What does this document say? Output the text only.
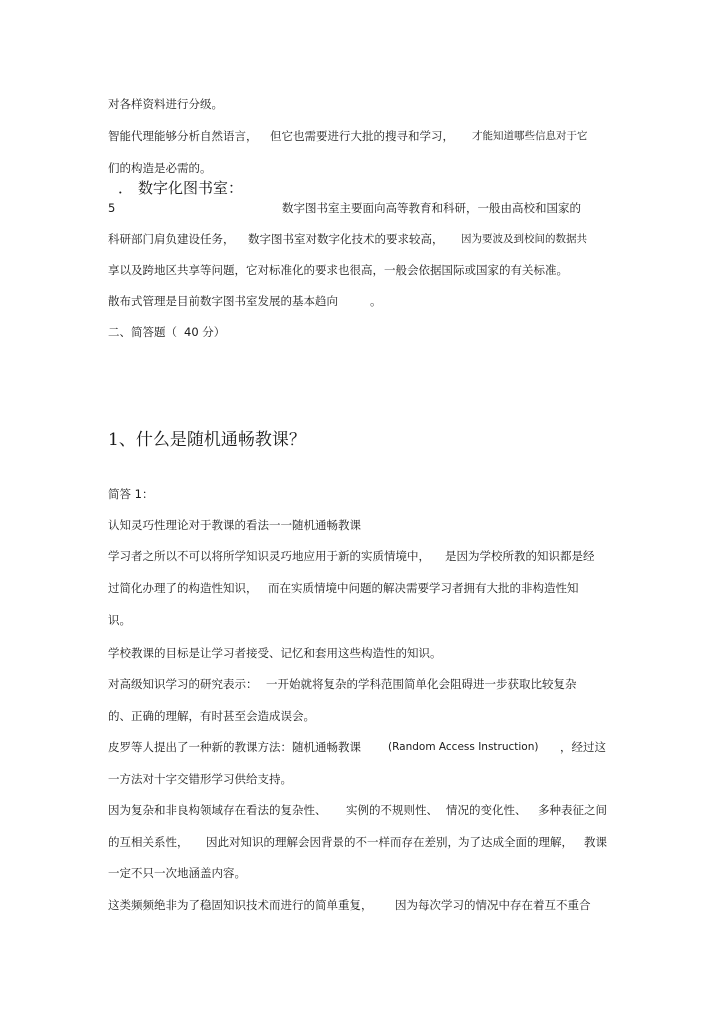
对各样资料进行分级。
智能代理能够分析自然语言， 但它也需要进行大批的搜寻和学习， 才能知道哪些信息对于它
们的构造是必需的。
． 数字化图书室：
5	数字图书室主要面向高等教育和科研，一般由高校和国家的
科研部门肩负建设任务， 数字图书室对数字化技术的要求较高， 因为要波及到校间的数据共
享以及跨地区共享等问题，它对标准化的要求也很高，一般会依据国际或国家的有关标准。
散布式管理是目前数字图书室发展的基本趋向	。
二、简答题（ 40 分）
1、什么是随机通畅教课？
简答 1：
认知灵巧性理论对于教课的看法一一随机通畅教课
学习者之所以不可以将所学知识灵巧地应用于新的实质情境中， 是因为学校所教的知识都是经
过简化办理了的构造性知识， 而在实质情境中问题的解决需要学习者拥有大批的非构造性知
识。
学校教课的目标是让学习者接受、记忆和套用这些构造性的知识。
对高级知识学习的研究表示： 一开始就将复杂的学科范围简单化会阻碍进一步获取比较复杂
的、正确的理解，有时甚至会造成误会。
皮罗等人提出了一种新的教课方法：随机通畅教课	(Random Access Instruction) ，经过这
一方法对十字交错形学习供给支持。
因为复杂和非良构领域存在看法的复杂性、 实例的不规则性、 情况的变化性、 多种表征之间
的互相关系性， 因此对知识的理解会因背景的不一样而存在差别， 为了达成全面的理解， 教课
一定不只一次地涵盖内容。
这类频频绝非为了稳固知识技术而进行的简单重复， 因为每次学习的情况中存在着互不重合
